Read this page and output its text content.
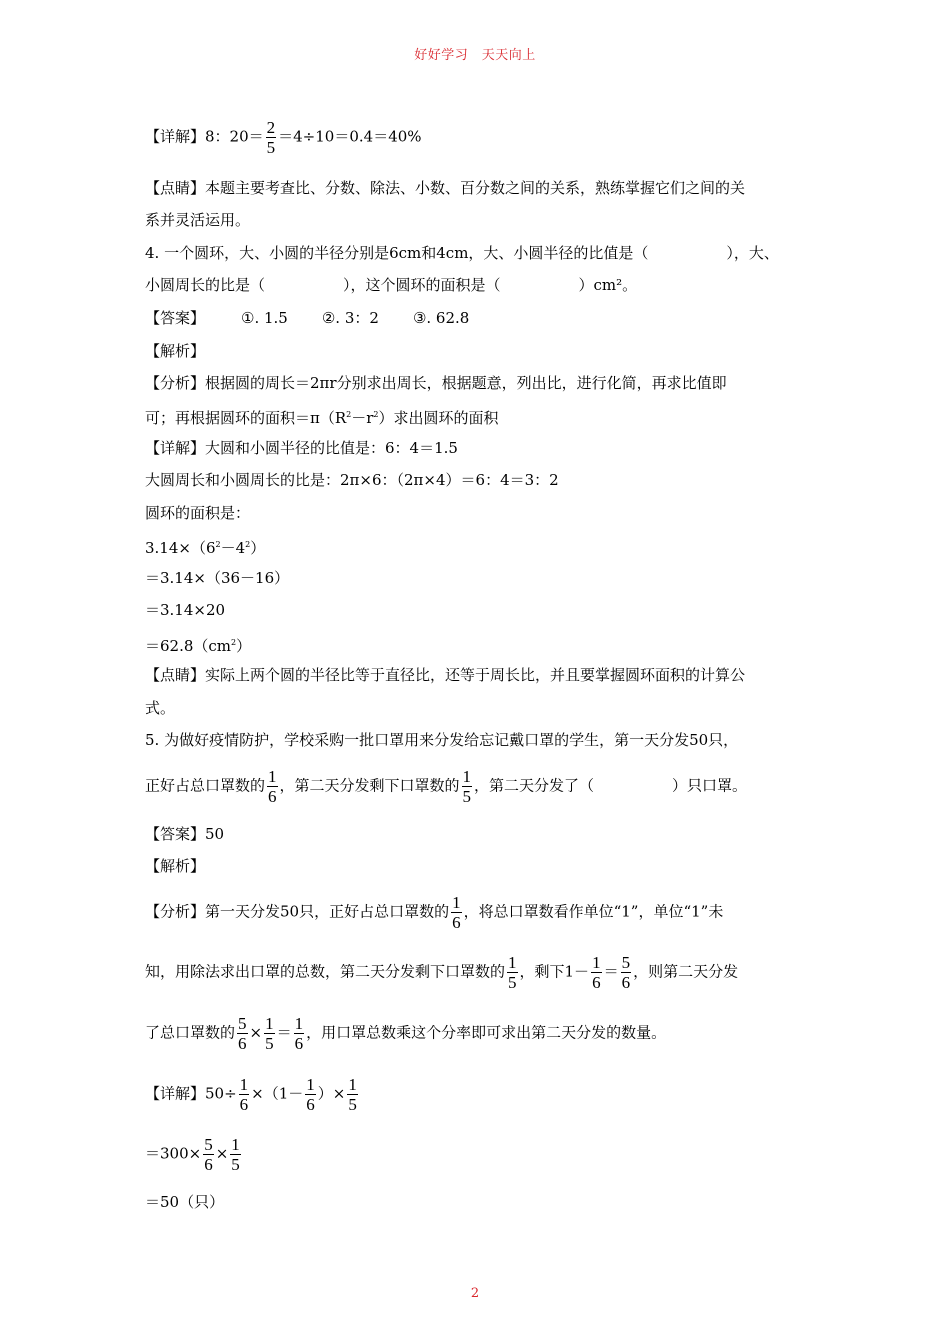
好好学习　天天向上
【详解】8：$20= \frac{2}{5} =4\div 10=0.4=40\%$
【点睛】本题主要考查比、分数、除法、小数、百分数之间的关系，熟练掌握它们之间的关
系并灵活运用。
4. 一个圆环，大、小圆的半径分别是6cm和4cm，大、小圆半径的比值是（	），大、
小圆周长的比是（	），这个圆环的面积是（	）cm²。
【答案】 ①. 1.5 ②. 3：2 ③. 62.8
【解析】
【分析】根据圆的周长＝2πr分别求出周长，根据题意，列出比，进行化简，再求比值即
可；再根据圆环的面积$=\pi(R^2-r^2)$求出圆环的面积
【详解】大圆和小圆半径的比值是：6：4＝1.5
大圆周长和小圆周长的比是：2π×6：（2π×4）＝6：4＝3：2
圆环的面积是：
$3.14\times(6^2-4^2)$
＝3.14×（36－16）
＝3.14×20
$=62.8(cm^2)$
【点睛】实际上两个圆的半径比等于直径比，还等于周长比，并且要掌握圆环面积的计算公
式。
5. 为做好疫情防护，学校采购一批口罩用来分发给忘记戴口罩的学生，第一天分发50只，
正好占总口罩数的 $\frac{1}{6}$ ，第二天分发剩下口罩数的 $\frac{1}{5}$ ，第二天分发了（	）只口罩。
【答案】50
【解析】
【分析】第一天分发50只，正好占总口罩数的 $\frac{1}{6}$ ，将总口罩数看作单位“1”，单位“1”未
知，用除法求出口罩的总数，第二天分发剩下口罩数的 $\frac{1}{5}$ ，剩下$1- \frac{1}{6} = \frac{5}{6}$ ，则第二天分发
了总口罩数的 $\frac{5}{6} \times \frac{1}{5} = \frac{1}{6}$ ，用口罩总数乘这个分率即可求出第二天分发的数量。
【详解】$50\div \frac{1}{6} \times(1- \frac{1}{6}$ ）× $\frac{1}{5}$
$=300\times \frac{5}{6} \times \frac{1}{5}$
＝50（只）
2
